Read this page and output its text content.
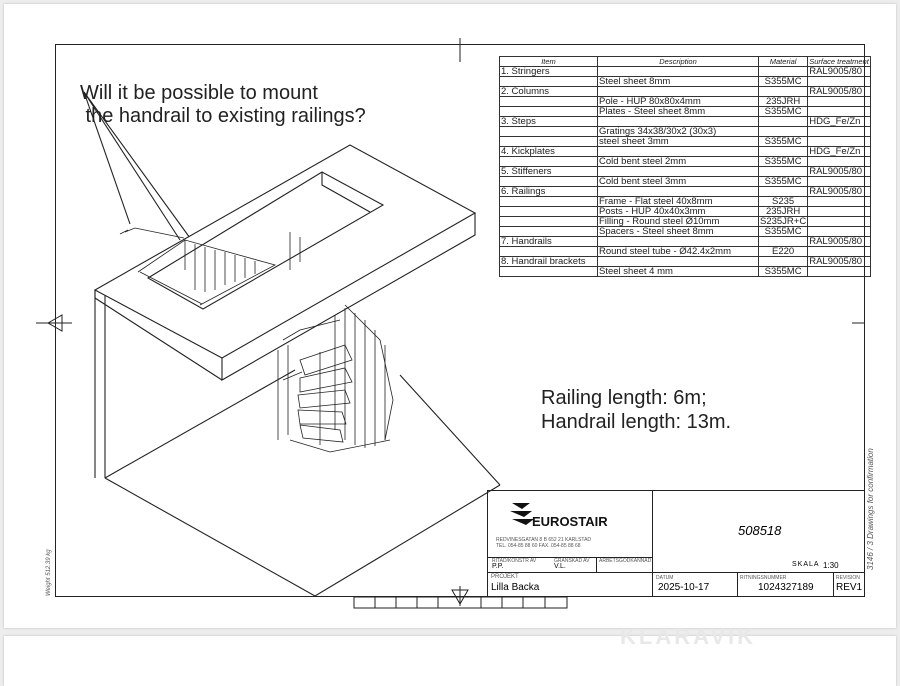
KLARAVIK
Will it be possible to mount
the handrail to existing railings?
Railing length: 6m;
Handrail length: 13m.
Item	Description	Material	Surface treatment
1. Stringers			RAL9005/80
	Steel sheet 8mm	S355MC	
2. Columns			RAL9005/80
	Pole - HUP 80x80x4mm	235JRH	
	Plates - Steel sheet 8mm	S355MC	
3. Steps			HDG_Fe/Zn
	Gratings 34x38/30x2 (30x3)		
	steel sheet 3mm	S355MC	
4. Kickplates			HDG_Fe/Zn
	Cold bent steel 2mm	S355MC	
5. Stiffeners			RAL9005/80
	Cold bent steel 3mm	S355MC	
6. Railings			RAL9005/80
	Frame - Flat steel 40x8mm	S235	
	Posts - HUP 40x40x3mm	235JRH	
	Filling - Round steel Ø10mm	S235JR+C	
	Spacers - Steel sheet 8mm	S355MC	
7. Handrails			RAL9005/80
	Round steel tube - Ø42.4x2mm	E220	
8. Handrail brackets			RAL9005/80
	Steel sheet 4 mm	S355MC	
EUROSTAIR
REDVINESGATAN 8 B 652 21 KARLSTAD
TEL. 054-85 88 60 FAX. 054-85 88 68
RITAD/KONSTR AV
P.P.
GRANSKAD AV
V.L.
ARBETSGODKÄNNAD
508518
SKALA 1:30
PROJEKT
Lilla Backa
DATUM
2025-10-17
RITNINGSNUMMER
1024327189
REVISION
REV1
3146 / 3 Drawings for confirmation
Weight 512.39 kg
